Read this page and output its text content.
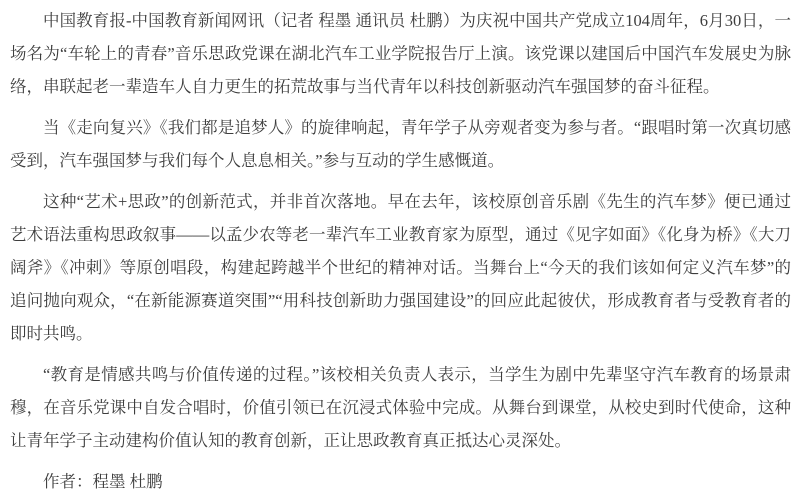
中国教育报-中国教育新闻网讯（记者 程墨 通讯员 杜鹏）为庆祝中国共产党成立104周年，6月30日，一场名为“车轮上的青春”音乐思政党课在湖北汽车工业学院报告厅上演。该党课以建国后中国汽车发展史为脉络，串联起老一辈造车人自力更生的拓荒故事与当代青年以科技创新驱动汽车强国梦的奋斗征程。

当《走向复兴》《我们都是追梦人》的旋律响起，青年学子从旁观者变为参与者。“跟唱时第一次真切感受到，汽车强国梦与我们每个人息息相关。”参与互动的学生感慨道。

这种“艺术+思政”的创新范式，并非首次落地。早在去年，该校原创音乐剧《先生的汽车梦》便已通过艺术语法重构思政叙事——以孟少农等老一辈汽车工业教育家为原型，通过《见字如面》《化身为桥》《大刀阔斧》《冲刺》等原创唱段，构建起跨越半个世纪的精神对话。当舞台上“今天的我们该如何定义汽车梦”的追问抛向观众，“在新能源赛道突围”“用科技创新助力强国建设”的回应此起彼伏，形成教育者与受教育者的即时共鸣。

“教育是情感共鸣与价值传递的过程。”该校相关负责人表示，当学生为剧中先辈坚守汽车教育的场景肃穆，在音乐党课中自发合唱时，价值引领已在沉浸式体验中完成。从舞台到课堂，从校史到时代使命，这种让青年学子主动建构价值认知的教育创新，正让思政教育真正抵达心灵深处。

作者：程墨 杜鹏
